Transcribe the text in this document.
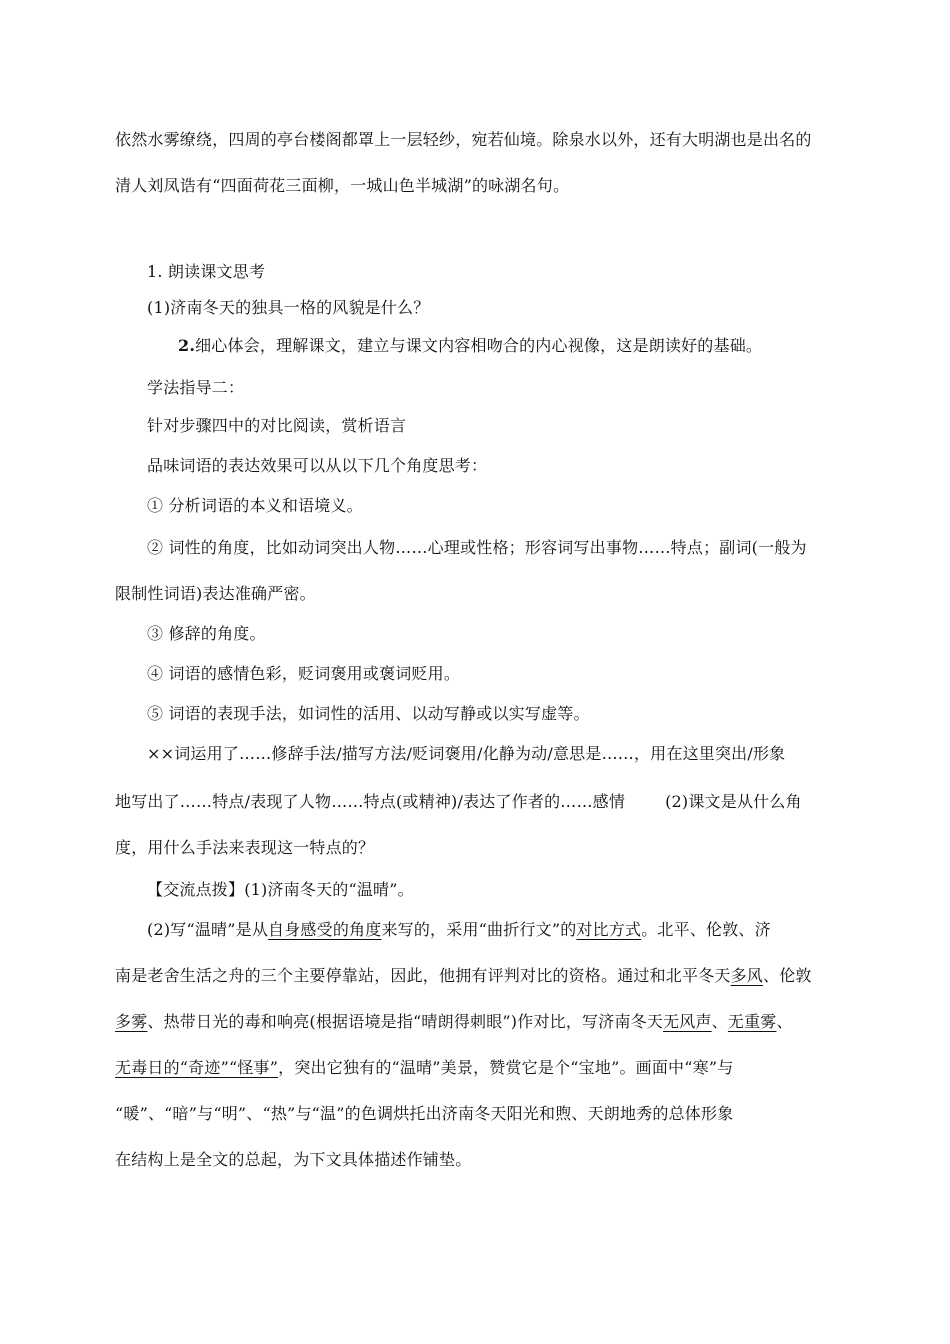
依然水雾缭绕，四周的亭台楼阁都罩上一层轻纱，宛若仙境。除泉水以外，还有大明湖也是出名的
清人刘凤诰有“四面荷花三面柳，一城山色半城湖”的咏湖名句。
1. 朗读课文思考
(1)济南冬天的独具一格的风貌是什么？
2.细心体会，理解课文，建立与课文内容相吻合的内心视像，这是朗读好的基础。
学法指导二：
针对步骤四中的对比阅读，赏析语言
品味词语的表达效果可以从以下几个角度思考：
① 分析词语的本义和语境义。
② 词性的角度，比如动词突出人物……心理或性格；形容词写出事物……特点；副词(一般为
限制性词语)表达准确严密。
③ 修辞的角度。
④ 词语的感情色彩，贬词褒用或褒词贬用。
⑤ 词语的表现手法，如词性的活用、以动写静或以实写虚等。
××词运用了……修辞手法/描写方法/贬词褒用/化静为动/意思是……，用在这里突出/形象
地写出了……特点/表现了人物……特点(或精神)/表达了作者的……感情	(2)课文是从什么角
度，用什么手法来表现这一特点的？
【交流点拨】(1)济南冬天的“温晴”。
(2)写“温晴”是从自身感受的角度来写的，采用“曲折行文”的对比方式。北平、伦敦、济
南是老舍生活之舟的三个主要停靠站，因此，他拥有评判对比的资格。通过和北平冬天多风、伦敦
多雾、热带日光的毒和响亮(根据语境是指“晴朗得刺眼”)作对比，写济南冬天无风声、无重雾、
无毒日的“奇迹”“怪事”，突出它独有的“温晴”美景，赞赏它是个“宝地”。画面中“寒”与
“暖”、“暗”与“明”、“热”与“温”的色调烘托出济南冬天阳光和煦、天朗地秀的总体形象
在结构上是全文的总起，为下文具体描述作铺垫。
